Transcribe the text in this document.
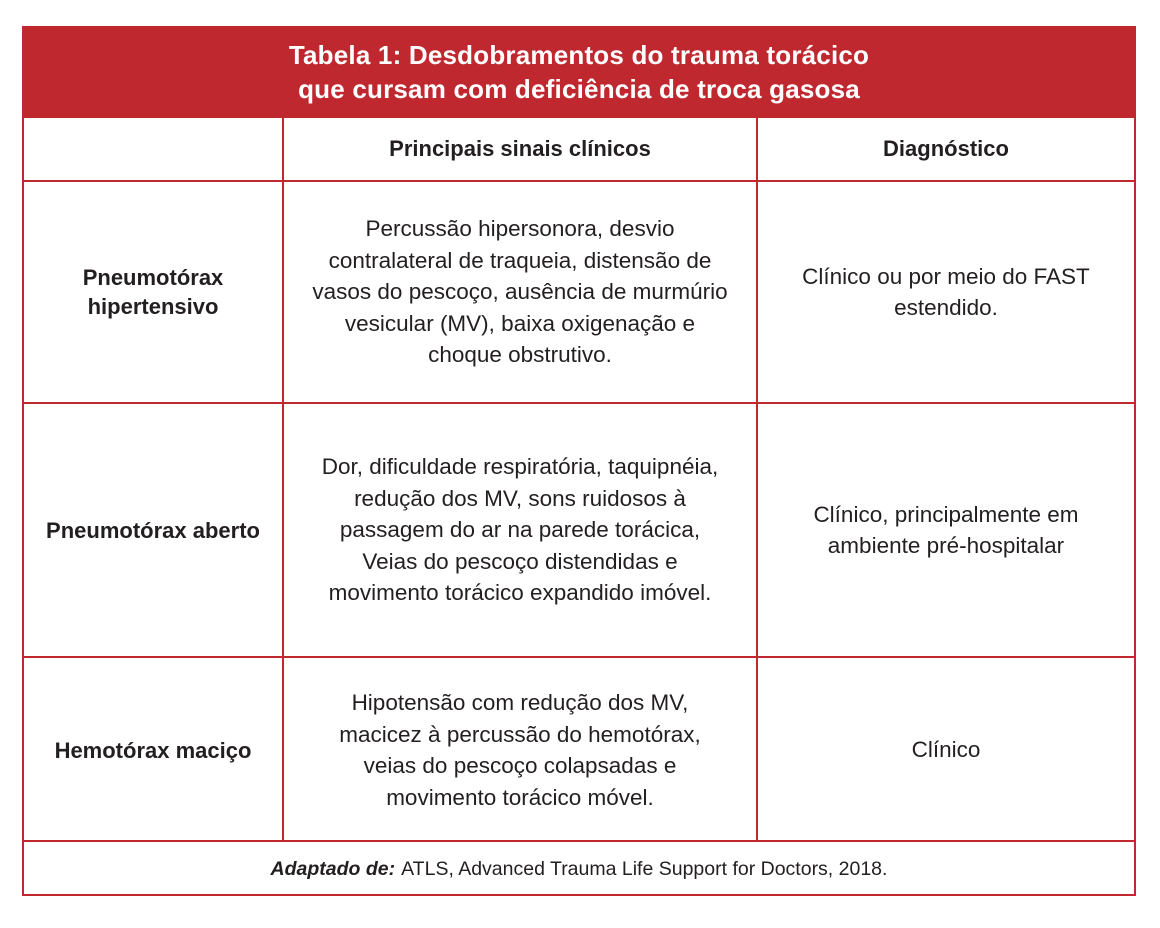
Tabela 1: Desdobramentos do trauma torácico
que cursam com deficiência de troca gasosa
Principais sinais clínicos	Diagnóstico
Pneumotórax hipertensivo
Percussão hipersonora, desvio contralateral de traqueia, distensão de vasos do pescoço, ausência de murmúrio vesicular (MV), baixa oxigenação e choque obstrutivo.
Clínico ou por meio do FAST estendido.
Pneumotórax aberto
Dor, dificuldade respiratória, taquipnéia, redução dos MV, sons ruidosos à passagem do ar na parede torácica, Veias do pescoço distendidas e movimento torácico expandido imóvel.
Clínico, principalmente em ambiente pré-hospitalar
Hemotórax maciço
Hipotensão com redução dos MV, macicez à percussão do hemotórax, veias do pescoço colapsadas e movimento torácico móvel.
Clínico
Adaptado de: ATLS, Advanced Trauma Life Support for Doctors, 2018.
